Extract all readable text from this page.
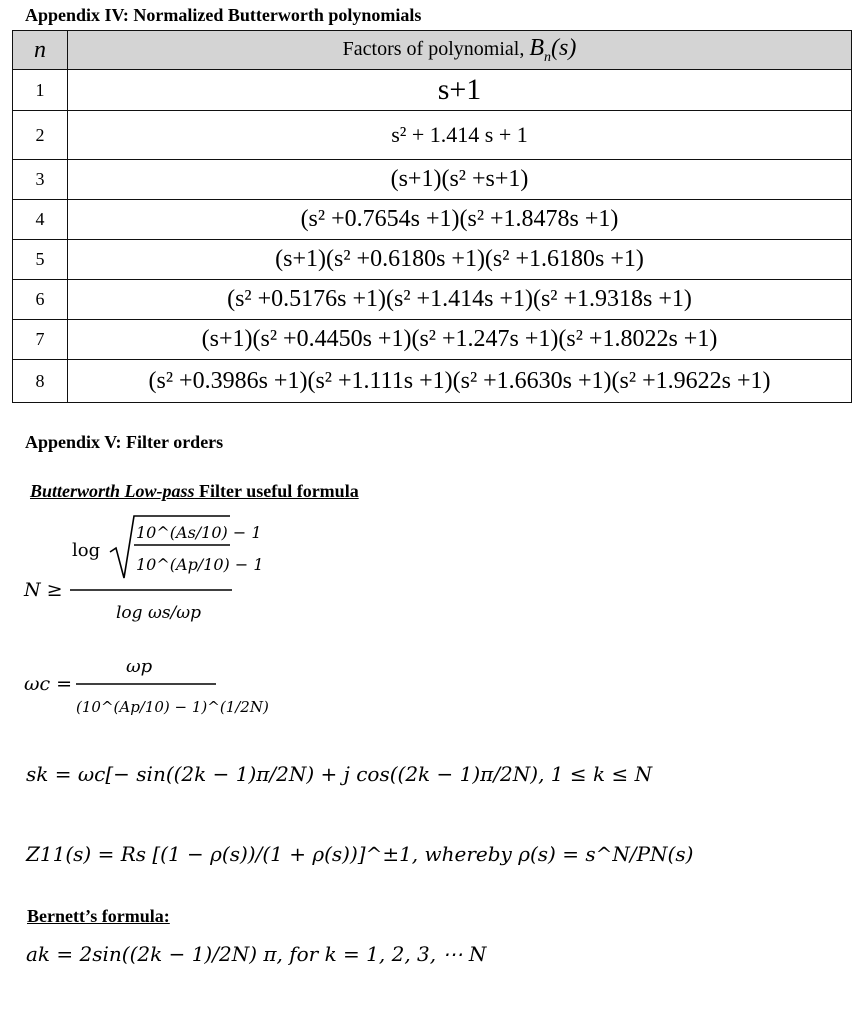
Appendix IV: Normalized Butterworth polynomials
n	Factors of polynomial, $B_n(s)$
1	s+1
2	s² + 1.414 s + 1
3	(s+1)(s² +s+1)
4	(s² +0.7654s +1)(s² +1.8478s +1)
5	(s+1)(s² +0.6180s +1)(s² +1.6180s +1)
6	(s² +0.5176s +1)(s² +1.414s +1)(s² +1.9318s +1)
7	(s+1)(s² +0.4450s +1)(s² +1.247s +1)(s² +1.8022s +1)
8	(s² +0.3986s +1)(s² +1.111s +1)(s² +1.6630s +1)(s² +1.9622s +1)
Appendix V: Filter orders
Butterworth Low-pass Filter useful formula
N ≥
log
10^(As/10) − 1
10^(Ap/10) − 1
log ωs/ωp
ωc =
ωp
(10^(Ap/10) − 1)^(1/2N)
sk = ωc[− sin((2k − 1)π/2N) + j cos((2k − 1)π/2N), 1 ≤ k ≤ N
Z11(s) = Rs [(1 − ρ(s))/(1 + ρ(s))]^±1, whereby ρ(s) = s^N/PN(s)
Bernett’s formula:
ak = 2sin((2k − 1)/2N) π, for k = 1, 2, 3, ⋯ N
